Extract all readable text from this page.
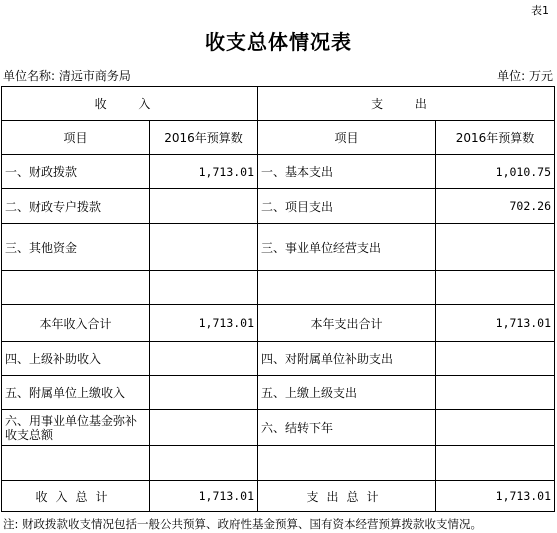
表1
收支总体情况表
单位名称: 清远市商务局	单位: 万元
收 入		支 出	
项目	2016年预算数	项目	2016年预算数
一、财政拨款	1,713.01	一、基本支出	1,010.75
二、财政专户拨款		二、项目支出	702.26
三、其他资金		三、事业单位经营支出	

本年收入合计	1,713.01	本年支出合计	1,713.01
四、上级补助收入		四、对附属单位补助支出	
五、附属单位上缴收入		五、上缴上级支出	
六、用事业单位基金弥补收支总额		六、结转下年	

收入总计	1,713.01	支出总计	1,713.01
注: 财政拨款收支情况包括一般公共预算、政府性基金预算、国有资本经营预算拨款收支情况。
